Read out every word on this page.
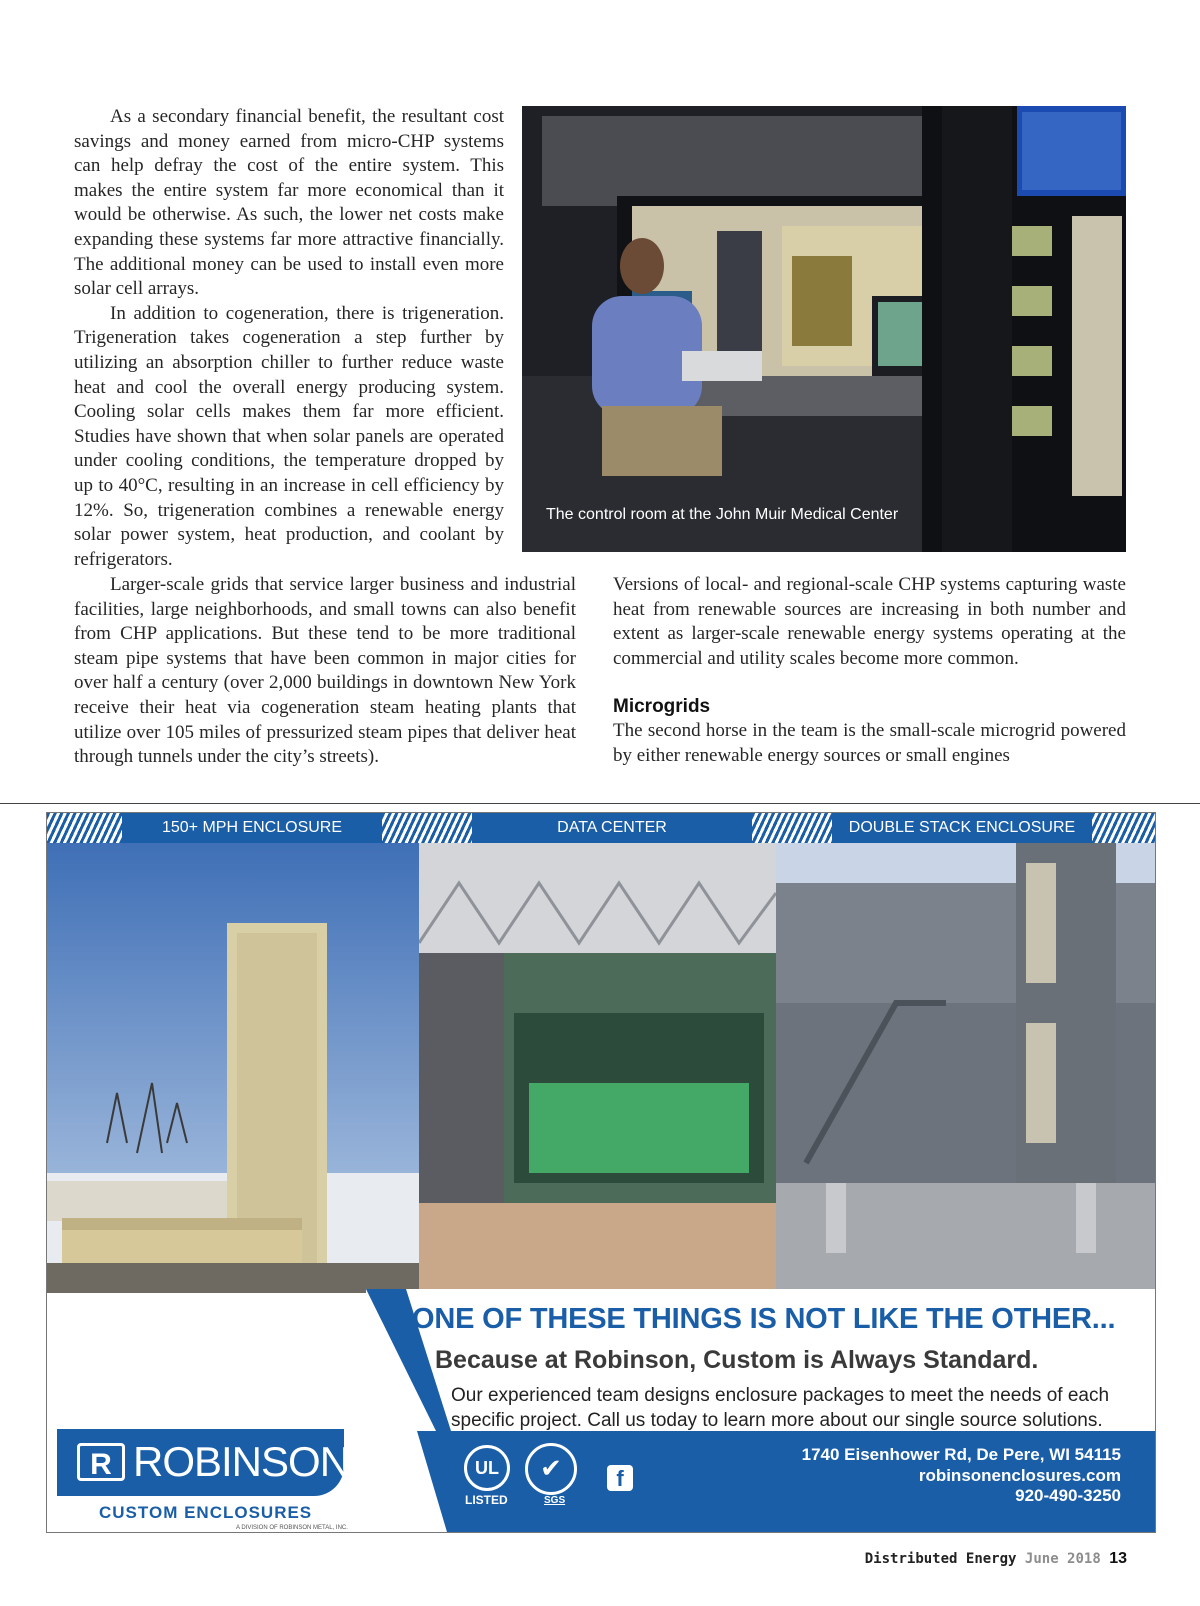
As a secondary financial benefit, the resultant cost savings and money earned from micro-CHP systems can help defray the cost of the entire system. This makes the entire system far more economical than it would be otherwise. As such, the lower net costs make expanding these systems far more attractive financially. The additional money can be used to install even more solar cell arrays.

In addition to cogeneration, there is trigeneration. Trigeneration takes cogeneration a step further by utilizing an absorption chiller to further reduce waste heat and cool the overall energy producing system. Cooling solar cells makes them far more efficient. Studies have shown that when solar panels are operated under cooling conditions, the temperature dropped by up to 40°C, resulting in an increase in cell efficiency by 12%. So, trigeneration combines a renewable energy solar power system, heat production, and coolant by refrigerators.

Larger-scale grids that service larger business and industrial facilities, large neighborhoods, and small towns can also benefit from CHP applications. But these tend to be more traditional steam pipe systems that have been common in major cities for over half a century (over 2,000 buildings in downtown New York receive their heat via cogeneration steam heating plants that utilize over 105 miles of pressurized steam pipes that deliver heat through tunnels under the city’s streets).

Versions of local- and regional-scale CHP systems capturing waste heat from renewable sources are increasing in both number and extent as larger-scale renewable energy systems operating at the commercial and utility scales become more common.

Microgrids

The second horse in the team is the small-scale microgrid powered by either renewable energy sources or small engines

The control room at the John Muir Medical Center
150+ MPH ENCLOSURE	DATA CENTER	DOUBLE STACK ENCLOSURE
ONE OF THESE THINGS IS NOT LIKE THE OTHER...
Because at Robinson, Custom is Always Standard.
Our experienced team designs enclosure packages to meet the needs of each specific project. Call us today to learn more about our single source solutions.
R ROBINSON
CUSTOM ENCLOSURES
A DIVISION OF ROBINSON METAL, INC.
UL
LISTED
✔
SGS
f
1740 Eisenhower Rd, De Pere, WI 54115
robinsonenclosures.com
920-490-3250
Distributed Energy June 2018 13
